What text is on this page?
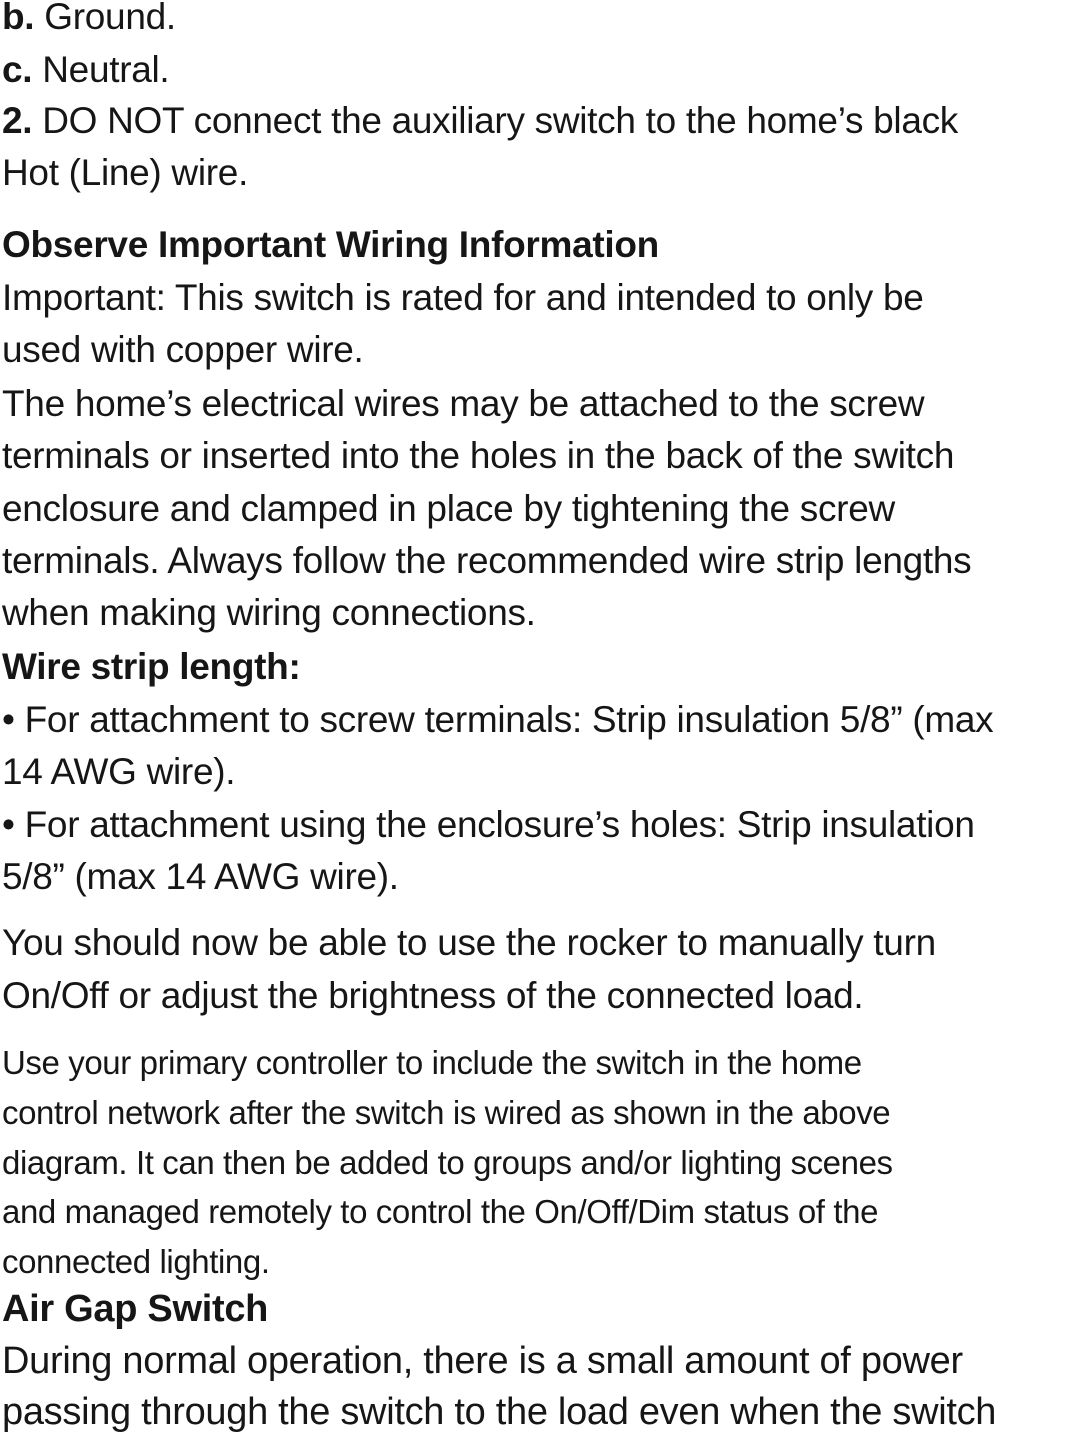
b. Ground.
c. Neutral.
2. DO NOT connect the auxiliary switch to the home’s black
Hot (Line) wire.
Observe Important Wiring Information
Important: This switch is rated for and intended to only be
used with copper wire.
The home’s electrical wires may be attached to the screw
terminals or inserted into the holes in the back of the switch
enclosure and clamped in place by tightening the screw
terminals. Always follow the recommended wire strip lengths
when making wiring connections.
Wire strip length:
• For attachment to screw terminals: Strip insulation 5/8” (max
14 AWG wire).
• For attachment using the enclosure’s holes: Strip insulation
5/8” (max 14 AWG wire).
You should now be able to use the rocker to manually turn
On/Off or adjust the brightness of the connected load.
Use your primary controller to include the switch in the home
control network after the switch is wired as shown in the above
diagram. It can then be added to groups and/or lighting scenes
and managed remotely to control the On/Off/Dim status of the
connected lighting.
Air Gap Switch
During normal operation, there is a small amount of power
passing through the switch to the load even when the switch
